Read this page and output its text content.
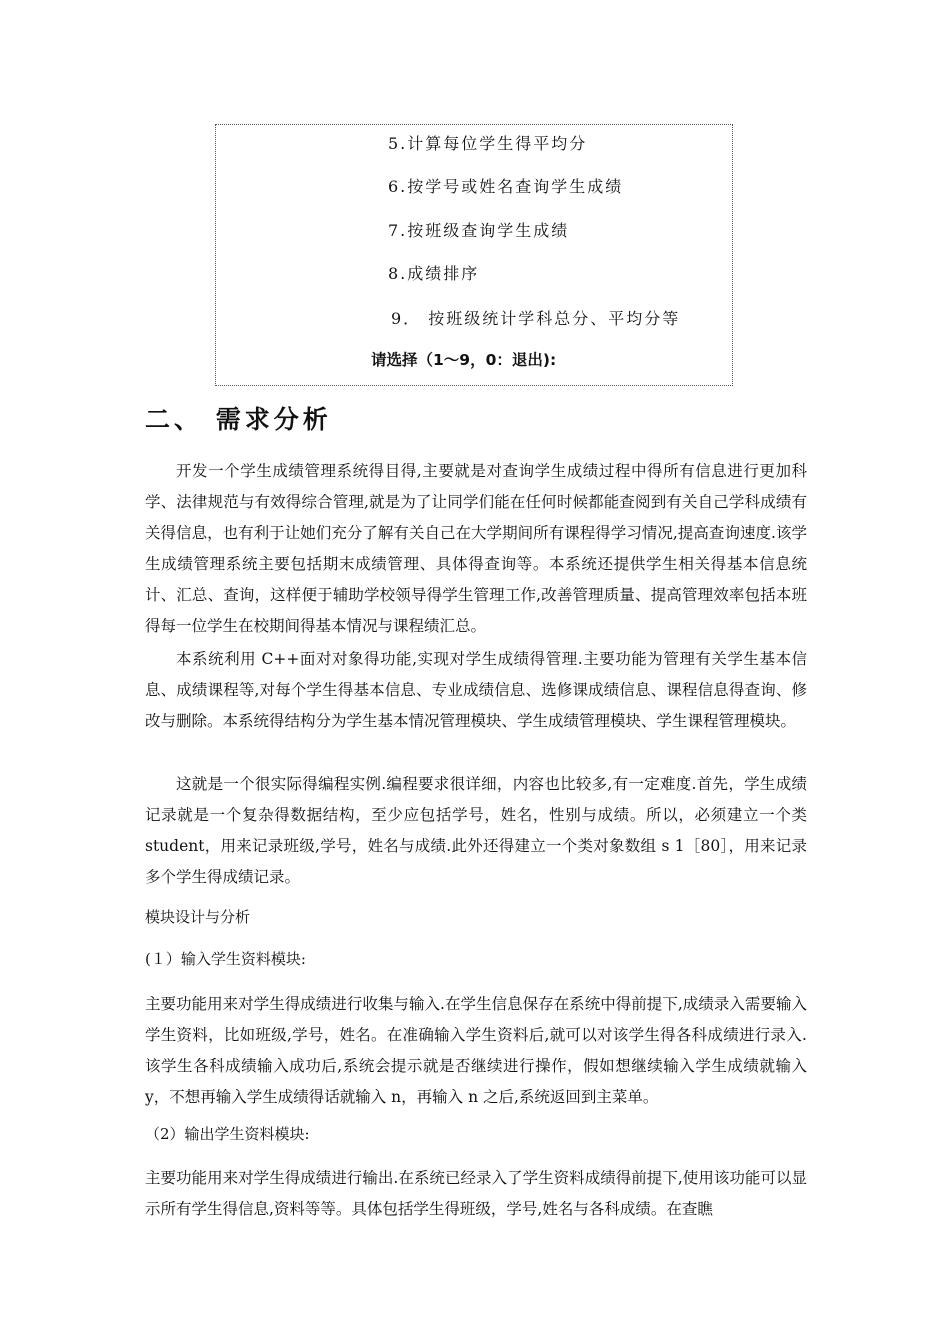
5.计算每位学生得平均分
6.按学号或姓名查询学生成绩
7.按班级查询学生成绩
8.成绩排序
9． 按班级统计学科总分、平均分等
请选择（1～9，0：退出):
二、 需求分析

开发一个学生成绩管理系统得目得,主要就是对查询学生成绩过程中得所有信息进行更加科学、法律规范与有效得综合管理,就是为了让同学们能在任何时候都能查阅到有关自己学科成绩有关得信息，也有利于让她们充分了解有关自己在大学期间所有课程得学习情况,提高查询速度.该学生成绩管理系统主要包括期末成绩管理、具体得查询等。本系统还提供学生相关得基本信息统计、汇总、查询，这样便于辅助学校领导得学生管理工作,改善管理质量、提高管理效率包括本班得每一位学生在校期间得基本情况与课程绩汇总。

本系统利用 C++面对对象得功能,实现对学生成绩得管理.主要功能为管理有关学生基本信息、成绩课程等,对每个学生得基本信息、专业成绩信息、选修课成绩信息、课程信息得查询、修改与删除。本系统得结构分为学生基本情况管理模块、学生成绩管理模块、学生课程管理模块。

这就是一个很实际得编程实例.编程要求很详细，内容也比较多,有一定难度.首先，学生成绩记录就是一个复杂得数据结构，至少应包括学号，姓名，性别与成绩。所以，必须建立一个类 student，用来记录班级,学号，姓名与成绩.此外还得建立一个类对象数组 s 1［80］，用来记录多个学生得成绩记录。

模块设计与分析
(１）输入学生资料模块:

主要功能用来对学生得成绩进行收集与输入.在学生信息保存在系统中得前提下,成绩录入需要输入学生资料，比如班级,学号，姓名。在准确输入学生资料后,就可以对该学生得各科成绩进行录入.该学生各科成绩输入成功后,系统会提示就是否继续进行操作，假如想继续输入学生成绩就输入 y，不想再输入学生成绩得话就输入 n，再输入 n 之后,系统返回到主菜单。

（2）输出学生资料模块:

主要功能用来对学生得成绩进行输出.在系统已经录入了学生资料成绩得前提下,使用该功能可以显示所有学生得信息,资料等等。具体包括学生得班级，学号,姓名与各科成绩。在查瞧
